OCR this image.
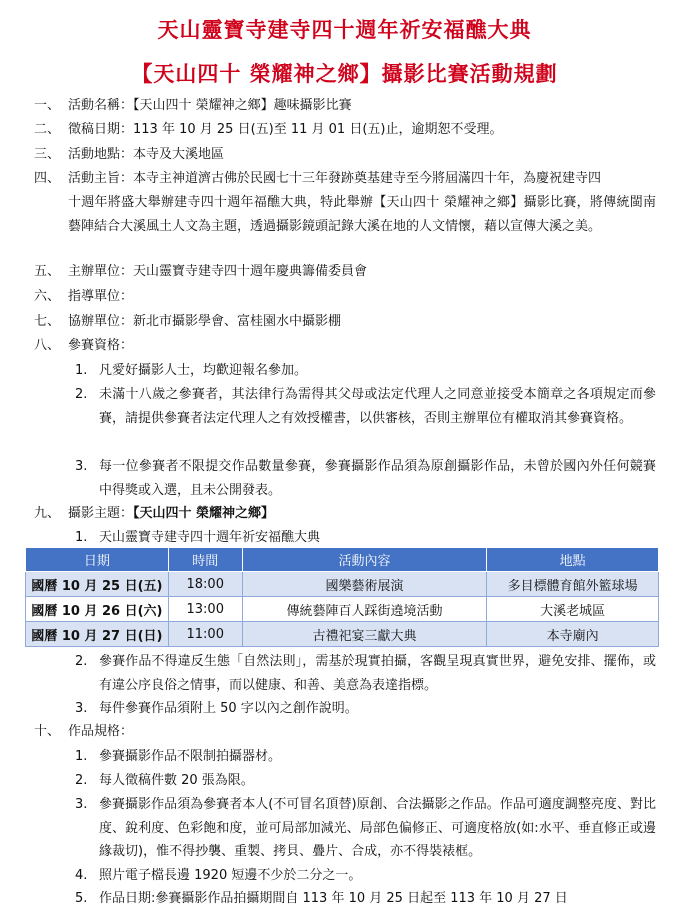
天山靈寶寺建寺四十週年祈安福醮大典
【天山四十 榮耀神之鄉】攝影比賽活動規劃
一、 活動名稱：【天山四十 榮耀神之鄉】趣味攝影比賽
二、 徵稿日期：113 年 10 月 25 日(五)至 11 月 01 日(五)止，逾期恕不受理。
三、 活動地點：本寺及大溪地區
四、 活動主旨：本寺主神道濟古佛於民國七十三年發跡奠基建寺至今將屆滿四十年，為慶祝建寺四
十週年將盛大舉辦建寺四十週年福醮大典，特此舉辦【天山四十 榮耀神之鄉】攝影比賽，將傳統閩南藝陣結合大溪風土人文為主題，透過攝影鏡頭記錄大溪在地的人文情懷，藉以宣傳大溪之美。
五、 主辦單位：天山靈寶寺建寺四十週年慶典籌備委員會
六、 指導單位：
七、 協辦單位：新北市攝影學會、富桂園水中攝影棚
八、 參賽資格：
1. 凡愛好攝影人士，均歡迎報名參加。
2. 未滿十八歲之參賽者，其法律行為需得其父母或法定代理人之同意並接受本簡章之各項規定而參賽，請提供參賽者法定代理人之有效授權書，以供審核，否則主辦單位有權取消其參賽資格。
3. 每一位參賽者不限提交作品數量參賽，參賽攝影作品須為原創攝影作品，未曾於國內外任何競賽中得獎或入選，且未公開發表。
九、 攝影主題：【天山四十 榮耀神之鄉】
1. 天山靈寶寺建寺四十週年祈安福醮大典
日期	時間	活動內容	地點
國曆 10 月 25 日(五)	18:00	國樂藝術展演	多目標體育館外籃球場
國曆 10 月 26 日(六)	13:00	傳統藝陣百人踩街遶境活動	大溪老城區
國曆 10 月 27 日(日)	11:00	古禮祀宴三獻大典	本寺廟內
2. 參賽作品不得違反生態「自然法則」，需基於現實拍攝，客觀呈現真實世界，避免安排、擺佈，或有違公序良俗之情事，而以健康、和善、美意為表達指標。
3. 每件參賽作品須附上 50 字以內之創作說明。
十、 作品規格：
1. 參賽攝影作品不限制拍攝器材。
2. 每人徵稿件數 20 張為限。
3. 參賽攝影作品須為參賽者本人(不可冒名頂替)原創、合法攝影之作品。作品可適度調整亮度、對比度、銳利度、色彩飽和度，並可局部加減光、局部色偏修正、可適度格放(如:水平、垂直修正或邊緣裁切)，惟不得抄襲、重製、拷貝、疊片、合成，亦不得裝裱框。
4. 照片電子檔長邊 1920 短邊不少於二分之一。
5. 作品日期:參賽攝影作品拍攝期間自 113 年 10 月 25 日起至 113 年 10 月 27 日
